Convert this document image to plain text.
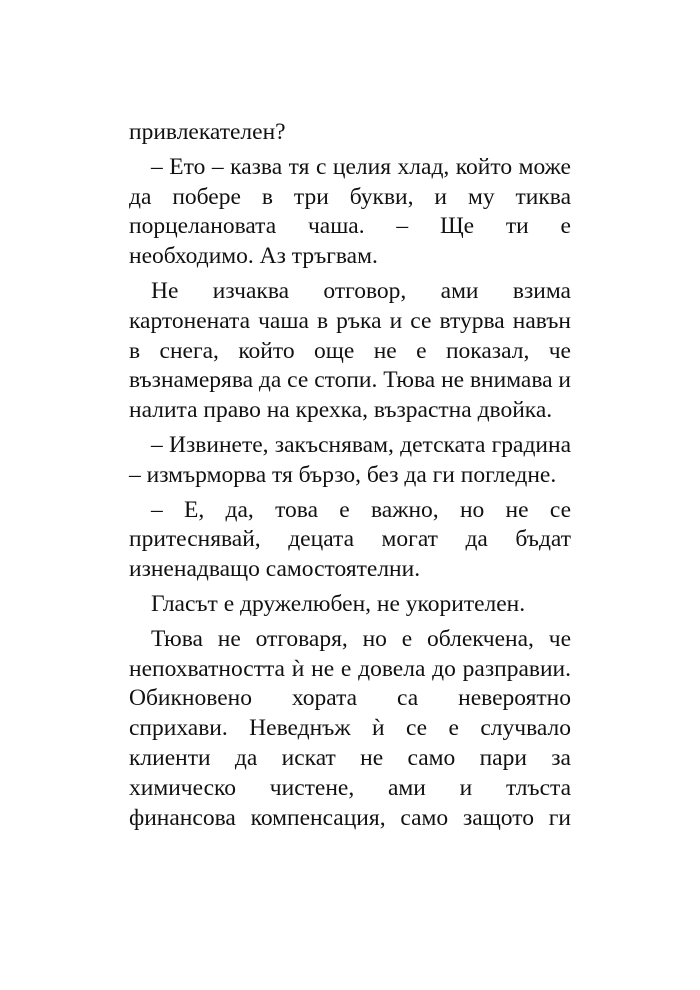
привлекателен?

– Ето – казва тя с целия хлад, който може да побере в три букви, и му тиква порцелановата чаша. – Ще ти е необходимо. Аз тръгвам.

Не изчаква отговор, ами взима картонената чаша в ръка и се втурва навън в снега, който още не е показал, че възнамерява да се стопи. Тюва не внимава и налита право на крехка, възрастна двойка.

– Извинете, закъснявам, детската градина – измърморва тя бързо, без да ги погледне.

– Е, да, това е важно, но не се притеснявай, децата могат да бъдат изненадващо самостоятелни.

Гласът е дружелюбен, не укорителен.

Тюва не отговаря, но е облекчена, че непохватността ѝ не е довела до разправии. Обикновено хората са невероятно сприхави. Неведнъж ѝ се е случвало клиенти да искат не само пари за химическо чистене, ами и тлъста финансова компенсация, само защото ги
